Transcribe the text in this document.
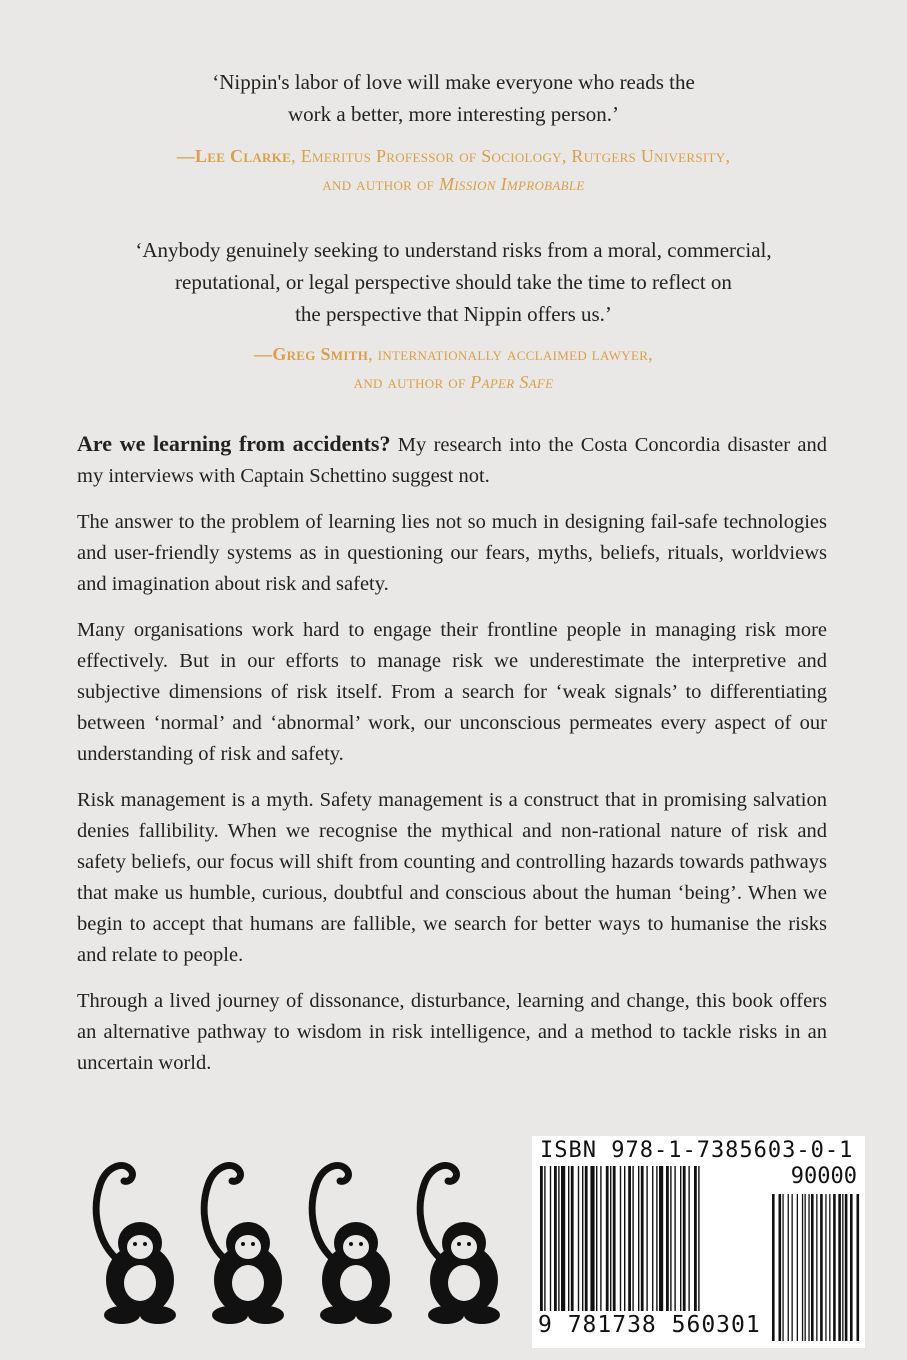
‘Nippin's labor of love will make everyone who reads the
work a better, more interesting person.’
—Lee Clarke, Emeritus Professor of Sociology, Rutgers University,
and author of Mission Improbable
‘Anybody genuinely seeking to understand risks from a moral, commercial,
reputational, or legal perspective should take the time to reflect on
the perspective that Nippin offers us.’
—Greg Smith, internationally acclaimed lawyer,
and author of Paper Safe

Are we learning from accidents? My research into the Costa Concordia disaster and my interviews with Captain Schettino suggest not.

The answer to the problem of learning lies not so much in designing fail-safe technologies and user-friendly systems as in questioning our fears, myths, beliefs, rituals, worldviews and imagination about risk and safety.

Many organisations work hard to engage their frontline people in managing risk more effectively. But in our efforts to manage risk we underestimate the interpretive and subjective dimensions of risk itself. From a search for ‘weak signals’ to differentiating between ‘normal’ and ‘abnormal’ work, our unconscious permeates every aspect of our understanding of risk and safety.

Risk management is a myth. Safety management is a construct that in promising salvation denies fallibility. When we recognise the mythical and non-rational nature of risk and safety beliefs, our focus will shift from counting and controlling hazards towards pathways that make us humble, curious, doubtful and conscious about the human ‘being’. When we begin to accept that humans are fallible, we search for better ways to humanise the risks and relate to people.

Through a lived journey of dissonance, disturbance, learning and change, this book offers an alternative pathway to wisdom in risk intelligence, and a method to tackle risks in an uncertain world.

ISBN 978-1-7385603-0-1
90000
9 781738 560301
